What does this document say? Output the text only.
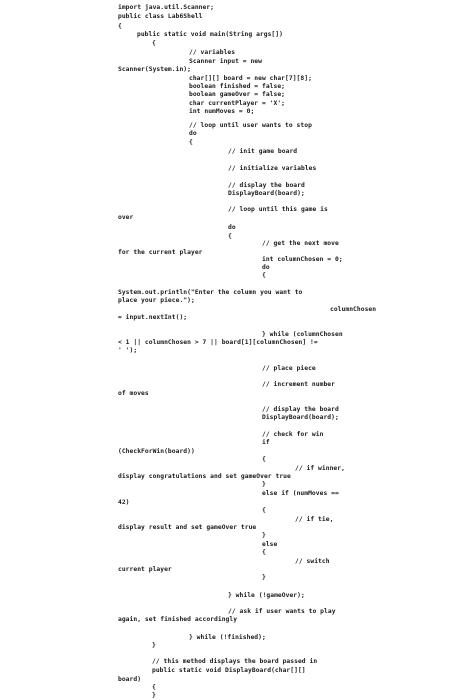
import java.util.Scanner;
public class Lab6Shell
{
public static void main(String args[])
{
// variables
Scanner input = new
Scanner(System.in);
char[][] board = new char[7][8];
boolean finished = false;
boolean gameOver = false;
char currentPlayer = 'X';
int numMoves = 0;
// loop until user wants to stop
do
{
// init game board
// initialize variables
// display the board
DisplayBoard(board);
// loop until this game is
over
do
{
// get the next move
for the current player
int columnChosen = 0;
do
{
System.out.println("Enter the column you want to
place your piece.");
columnChosen
= input.nextInt();
} while (columnChosen
< 1 || columnChosen > 7 || board[1][columnChosen] !=
' ');
// place piece
// increment number
of moves
// display the board
DisplayBoard(board);
// check for win
if
(CheckForWin(board))
{
// if winner,
display congratulations and set gameOver true
}
else if (numMoves ==
42)
{
// if tie,
display result and set gameOver true
}
else
{
// switch
current player
}
} while (!gameOver);
// ask if user wants to play
again, set finished accordingly
} while (!finished);
}
// this method displays the board passed in
public static void DisplayBoard(char[][]
board)
{
}
